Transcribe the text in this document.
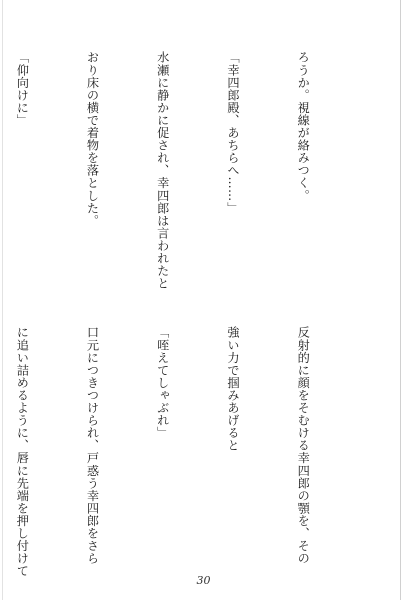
ろうか。視線が絡みつく。

「幸四郎殿、あちらへ……」

水瀬に静かに促され、幸四郎は言われたと

おり床の横で着物を落とした。

「仰向けに」

反射的に顔をそむける幸四郎の顎を、その

強い力で掴みあげると

「咥えてしゃぶれ」

口元につきつけられ、戸惑う幸四郎をさら

に追い詰めるように、唇に先端を押し付けて

30
